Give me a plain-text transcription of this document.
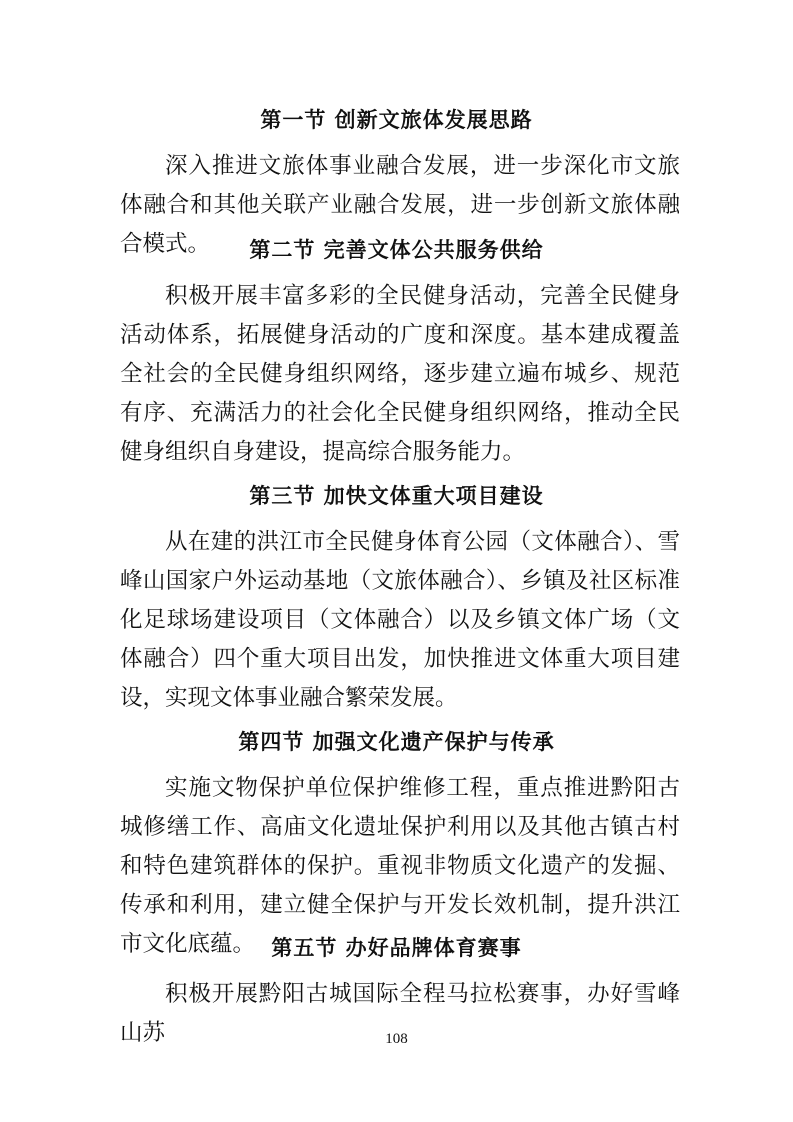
第一节 创新文旅体发展思路

深入推进文旅体事业融合发展，进一步深化市文旅体融合和其他关联产业融合发展，进一步创新文旅体融合模式。	第二节 完善文体公共服务供给

积极开展丰富多彩的全民健身活动，完善全民健身活动体系，拓展健身活动的广度和深度。基本建成覆盖全社会的全民健身组织网络，逐步建立遍布城乡、规范有序、充满活力的社会化全民健身组织网络，推动全民健身组织自身建设，提高综合服务能力。

第三节 加快文体重大项目建设

从在建的洪江市全民健身体育公园（文体融合）、雪峰山国家户外运动基地（文旅体融合）、乡镇及社区标准化足球场建设项目（文体融合）以及乡镇文体广场（文体融合）四个重大项目出发，加快推进文体重大项目建设，实现文体事业融合繁荣发展。

第四节 加强文化遗产保护与传承

实施文物保护单位保护维修工程，重点推进黔阳古城修缮工作、高庙文化遗址保护利用以及其他古镇古村和特色建筑群体的保护。重视非物质文化遗产的发掘、传承和利用，建立健全保护与开发长效机制，提升洪江市文化底蕴。 第五节 办好品牌体育赛事

积极开展黔阳古城国际全程马拉松赛事，办好雪峰山苏	108
